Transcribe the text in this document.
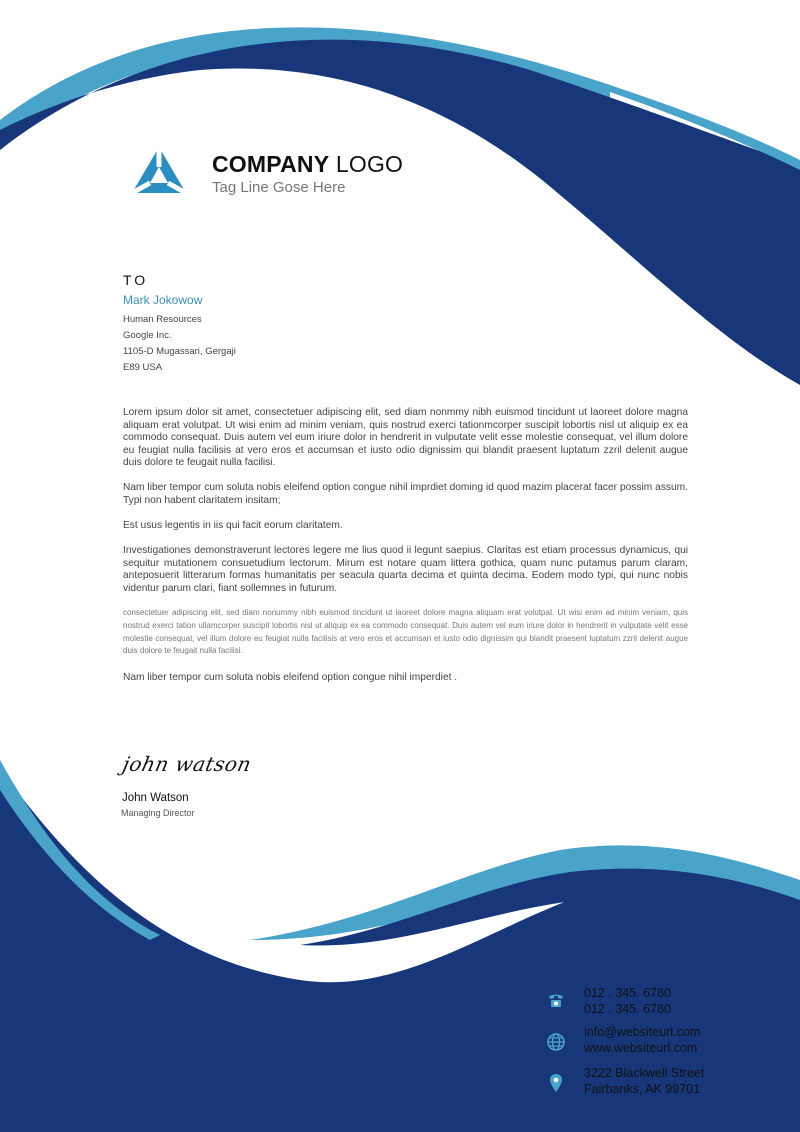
COMPANY LOGO
Tag Line Gose Here
TO
Mark Jokowow
Human Resources
Google Inc.
1105-D Mugassari, Gergaji
E89 USA
Lorem ipsum dolor sit amet, consectetuer adipiscing elit, sed diam nonmmy nibh euismod tincidunt ut laoreet dolore magna aliquam erat volutpat. Ut wisi enim ad minim veniam, quis nostrud exerci tationmcorper suscipit lobortis nisl ut aliquip ex ea commodo consequat. Duis autem vel eum iriure dolor in hendrerit in vulputate velit esse molestie consequat, vel illum dolore eu feugiat nulla facilisis at vero eros et accumsan et iusto odio dignissim qui blandit praesent luptatum zzril delenit augue duis dolore te feugait nulla facilisi.
Nam liber tempor cum soluta nobis eleifend option congue nihil imprdiet doming id quod mazim placerat facer possim assum. Typi non habent claritatem insitam;
Est usus legentis in iis qui facit eorum claritatem.
Investigationes demonstraverunt lectores legere me lius quod ii legunt saepius. Claritas est etiam processus dynamicus, qui sequitur mutationem consuetudium lectorum. Mirum est notare quam littera gothica, quam nunc putamus parum claram, anteposuerit litterarum formas humanitatis per seacula quarta decima et quinta decima. Eodem modo typi, qui nunc nobis videntur parum clari, fiant sollemnes in futurum.
consectetuer adipiscing elit, sed diam nonummy nibh euismod tincidunt ut laoreet dolore magna aliquam erat volutpat. Ut wisi enim ad minim veniam, quis nostrud exerci tation ullamcorper suscipit lobortis nisl ut aliquip ex ea commodo consequat. Duis autem vel eum iriure dolor in hendrerit in vulputate velit esse molestie consequat, vel illum dolore eu feugiat nulla facilisis at vero eros et accumsan et iusto odio dignissim qui blandit praesent luptatum zzril delenit augue duis dolore te feugait nulla facilisi.
Nam liber tempor cum soluta nobis eleifend option congue nihil imperdiet .
john watson
John Watson
Managing Director
012 . 345. 6780
012 . 345. 6780
info@websiteurl.com
www.websiteurl.com
3222 Blackwell Street
Fairbanks, AK 99701
